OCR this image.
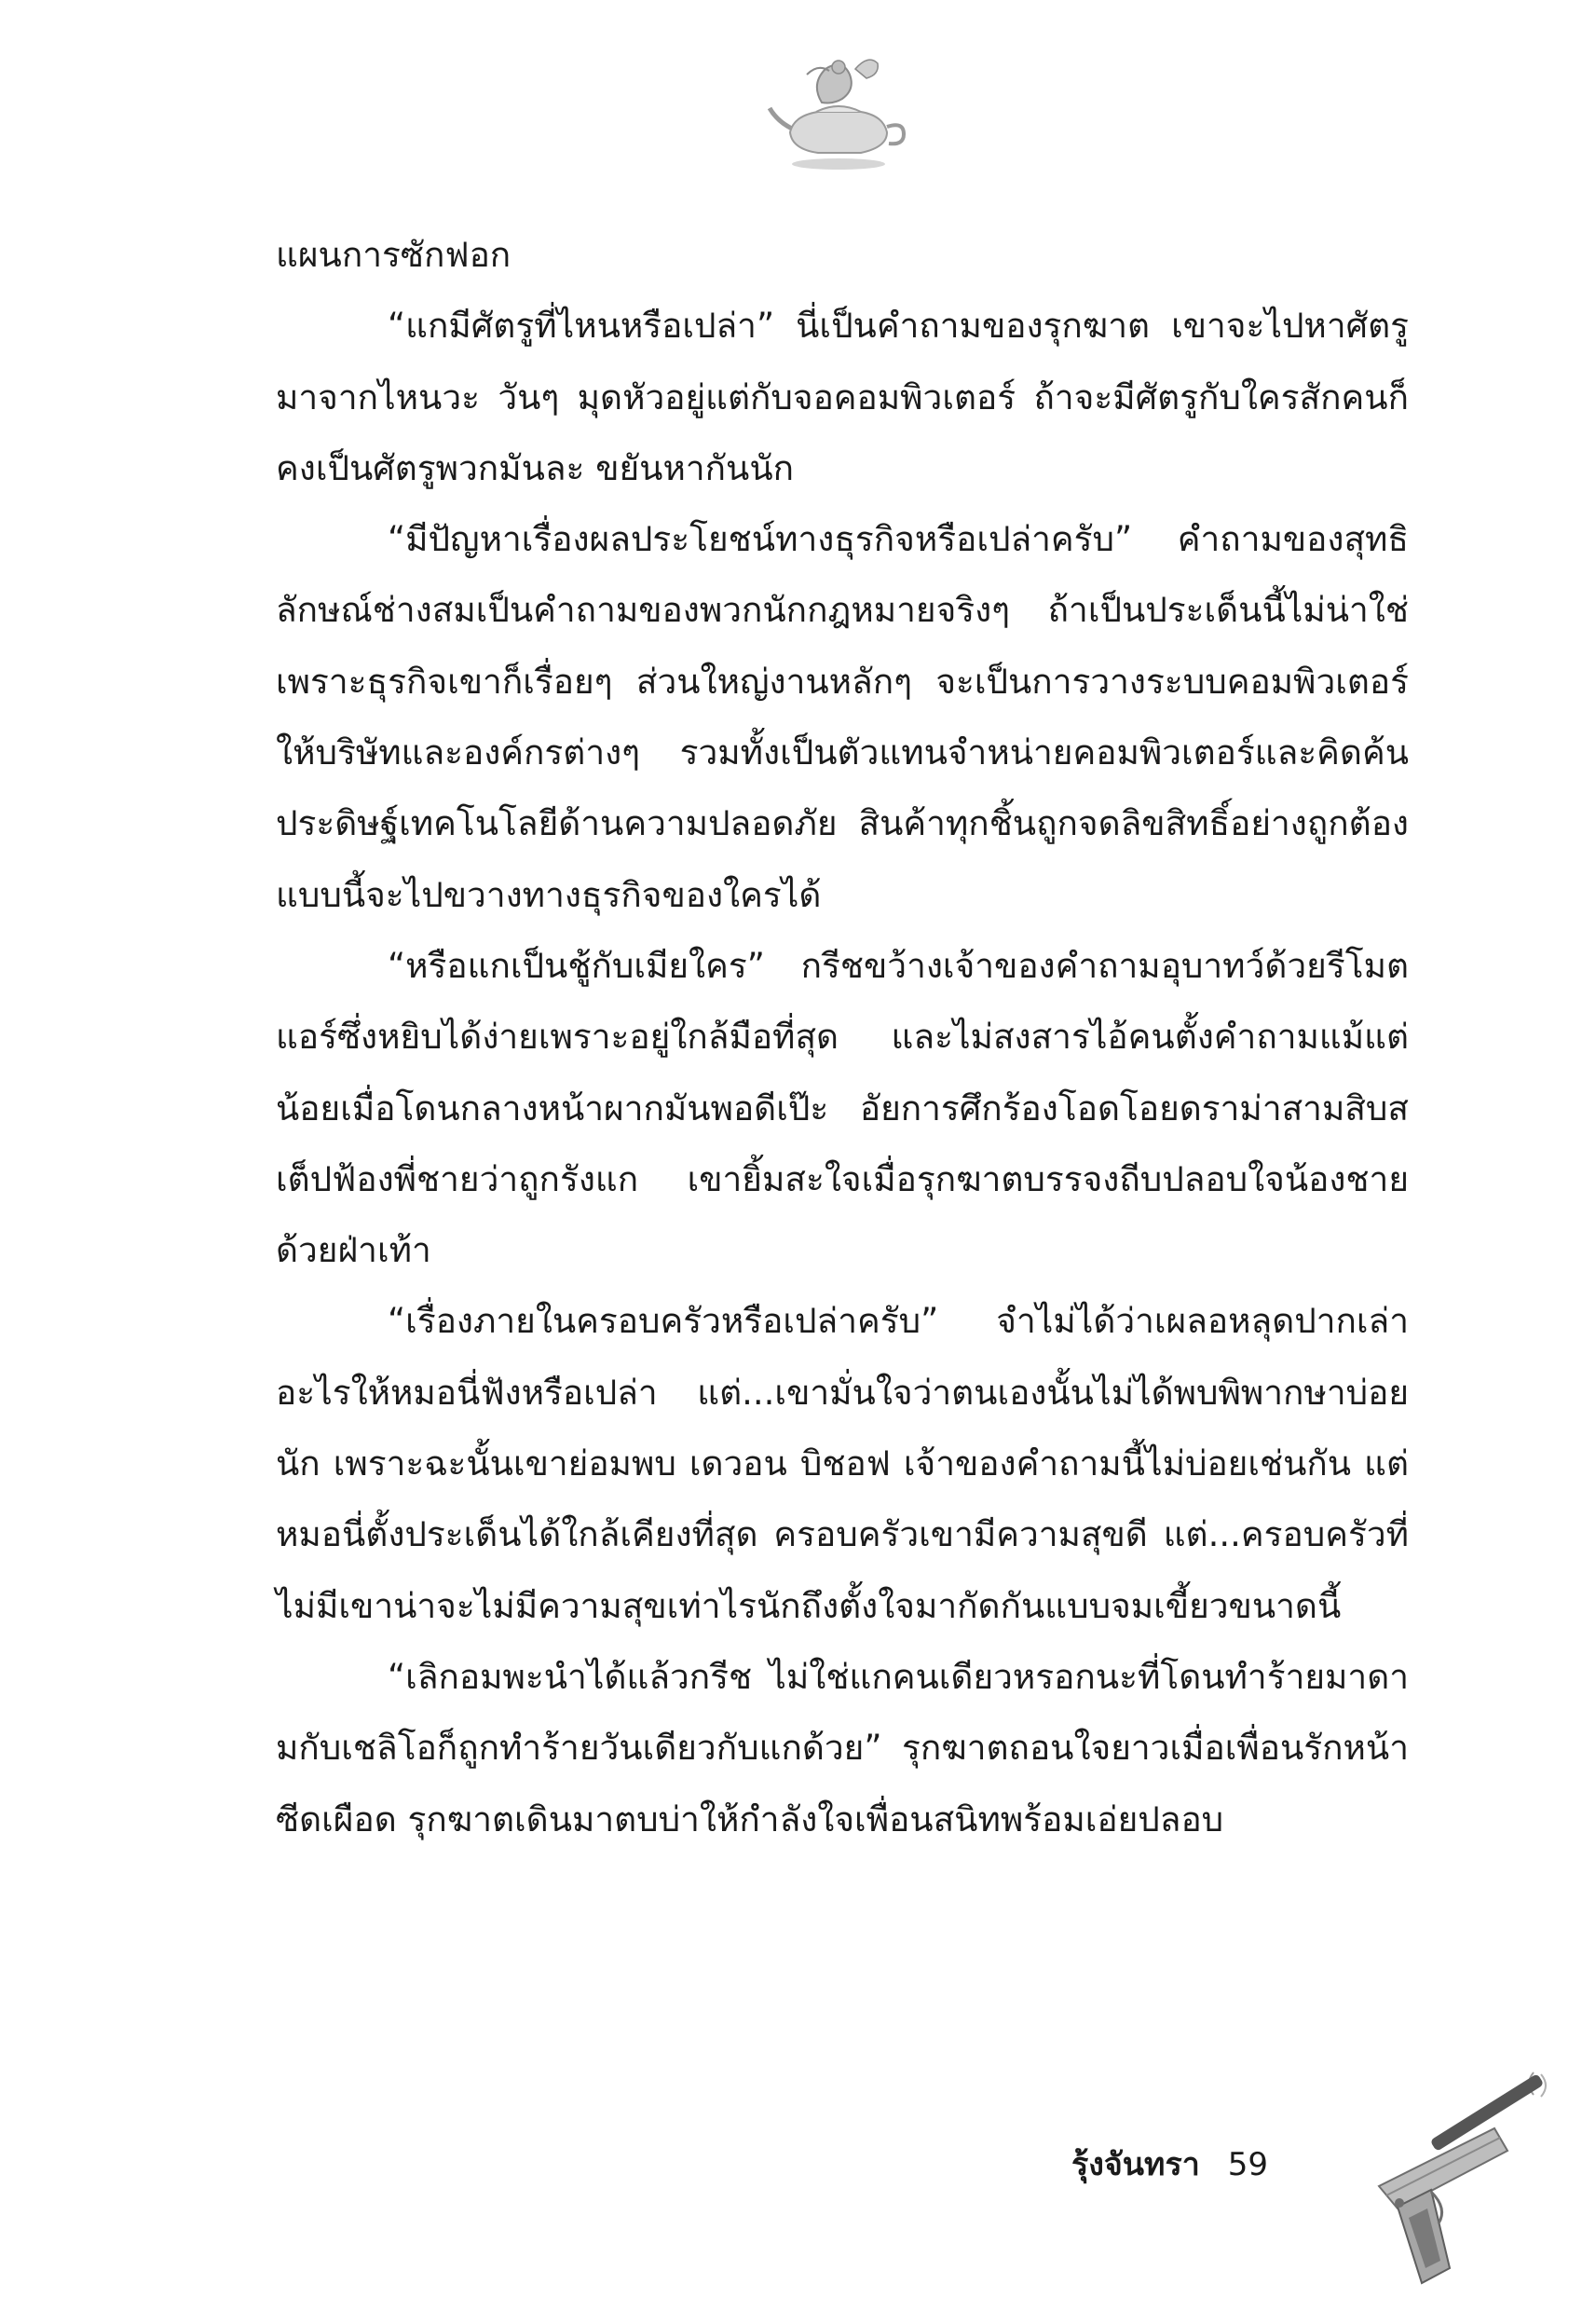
แผนการซักฟอก

“แกมีศัตรูที่ไหนหรือเปล่า” นี่เป็นคำถามของรุกฆาต เขาจะไปหาศัตรูมาจากไหนวะ วันๆ มุดหัวอยู่แต่กับจอคอมพิวเตอร์ ถ้าจะมีศัตรูกับใครสักคนก็คงเป็นศัตรูพวกมันละ ขยันหากันนัก

“มีปัญหาเรื่องผลประโยชน์ทางธุรกิจหรือเปล่าครับ” คำถามของสุทธิลักษณ์ช่างสมเป็นคำถามของพวกนักกฎหมายจริงๆ ถ้าเป็นประเด็นนี้ไม่น่าใช่ เพราะธุรกิจเขาก็เรื่อยๆ ส่วนใหญ่งานหลักๆ จะเป็นการวางระบบคอมพิวเตอร์ให้บริษัทและองค์กรต่างๆ รวมทั้งเป็นตัวแทนจำหน่ายคอมพิวเตอร์และคิดค้นประดิษฐ์เทคโนโลยีด้านความปลอดภัย สินค้าทุกชิ้นถูกจดลิขสิทธิ์อย่างถูกต้อง แบบนี้จะไปขวางทางธุรกิจของใครได้

“หรือแกเป็นชู้กับเมียใคร” กรีชขว้างเจ้าของคำถามอุบาทว์ด้วยรีโมตแอร์ซึ่งหยิบได้ง่ายเพราะอยู่ใกล้มือที่สุด และไม่สงสารไอ้คนตั้งคำถามแม้แต่น้อยเมื่อโดนกลางหน้าผากมันพอดีเป๊ะ อัยการศึกร้องโอดโอยดราม่าสามสิบสเต็ปฟ้องพี่ชายว่าถูกรังแก เขายิ้มสะใจเมื่อรุกฆาตบรรจงถีบปลอบใจน้องชายด้วยฝ่าเท้า

“เรื่องภายในครอบครัวหรือเปล่าครับ” จำไม่ได้ว่าเผลอหลุดปากเล่าอะไรให้หมอนี่ฟังหรือเปล่า แต่...เขามั่นใจว่าตนเองนั้นไม่ได้พบพิพากษาบ่อยนัก เพราะฉะนั้นเขาย่อมพบ เดวอน บิชอฟ เจ้าของคำถามนี้ไม่บ่อยเช่นกัน แต่หมอนี่ตั้งประเด็นได้ใกล้เคียงที่สุด ครอบครัวเขามีความสุขดี แต่...ครอบครัวที่ไม่มีเขาน่าจะไม่มีความสุขเท่าไรนักถึงตั้งใจมากัดกันแบบจมเขี้ยวขนาดนี้

“เลิกอมพะนำได้แล้วกรีช ไม่ใช่แกคนเดียวหรอกนะที่โดนทำร้ายมาดามกับเชลิโอก็ถูกทำร้ายวันเดียวกับแกด้วย” รุกฆาตถอนใจยาวเมื่อเพื่อนรักหน้าซีดเผือด รุกฆาตเดินมาตบบ่าให้กำลังใจเพื่อนสนิทพร้อมเอ่ยปลอบ

รุ้งจันทรา 59
